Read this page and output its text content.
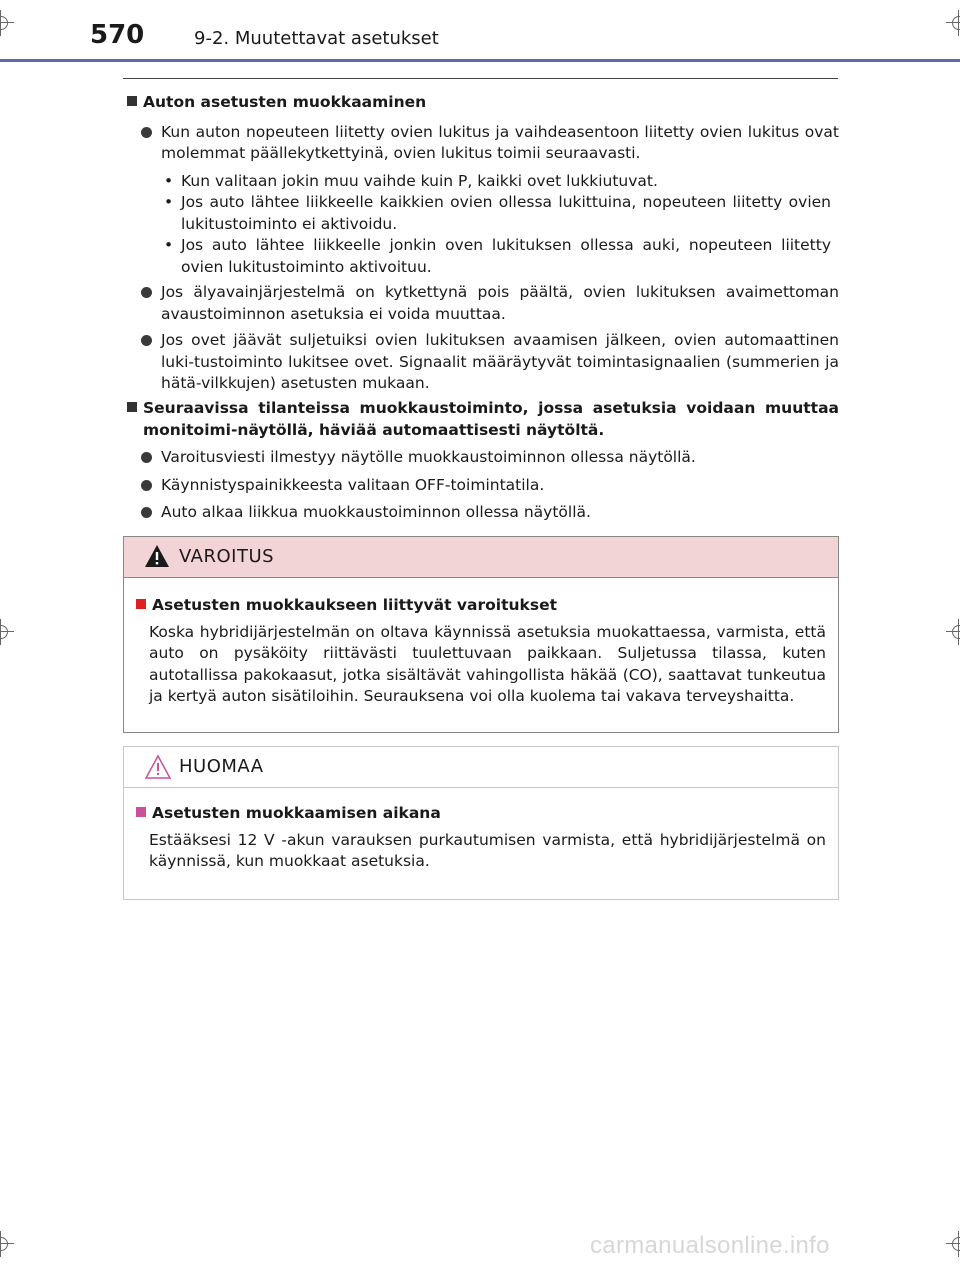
570	9-2. Muutettavat asetukset
Auton asetusten muokkaaminen
Kun auton nopeuteen liitetty ovien lukitus ja vaihdeasentoon liitetty ovien lukitus ovat molemmat päällekytkettyinä, ovien lukitus toimii seuraavasti.
• Kun valitaan jokin muu vaihde kuin P, kaikki ovet lukkiutuvat.
• Jos auto lähtee liikkeelle kaikkien ovien ollessa lukittuina, nopeuteen liitetty ovien lukitustoiminto ei aktivoidu.
• Jos auto lähtee liikkeelle jonkin oven lukituksen ollessa auki, nopeuteen liitetty ovien lukitustoiminto aktivoituu.
Jos älyavainjärjestelmä on kytkettynä pois päältä, ovien lukituksen avaimettoman avaustoiminnon asetuksia ei voida muuttaa.
Jos ovet jäävät suljetuiksi ovien lukituksen avaamisen jälkeen, ovien automaattinen luki-tustoiminto lukitsee ovet. Signaalit määräytyvät toimintasignaalien (summerien ja hätä-vilkkujen) asetusten mukaan.
Seuraavissa tilanteissa muokkaustoiminto, jossa asetuksia voidaan muuttaa monitoimi-näytöllä, häviää automaattisesti näytöltä.
Varoitusviesti ilmestyy näytölle muokkaustoiminnon ollessa näytöllä.
Käynnistyspainikkeesta valitaan OFF-toimintatila.
Auto alkaa liikkua muokkaustoiminnon ollessa näytöllä.
VAROITUS
Asetusten muokkaukseen liittyvät varoitukset
Koska hybridijärjestelmän on oltava käynnissä asetuksia muokattaessa, varmista, että auto on pysäköity riittävästi tuulettuvaan paikkaan. Suljetussa tilassa, kuten autotallissa pakokaasut, jotka sisältävät vahingollista häkää (CO), saattavat tunkeutua ja kertyä auton sisätiloihin. Seurauksena voi olla kuolema tai vakava terveyshaitta.
HUOMAA
Asetusten muokkaamisen aikana
Estääksesi 12 V -akun varauksen purkautumisen varmista, että hybridijärjestelmä on käynnissä, kun muokkaat asetuksia.
carmanualsonline.info
